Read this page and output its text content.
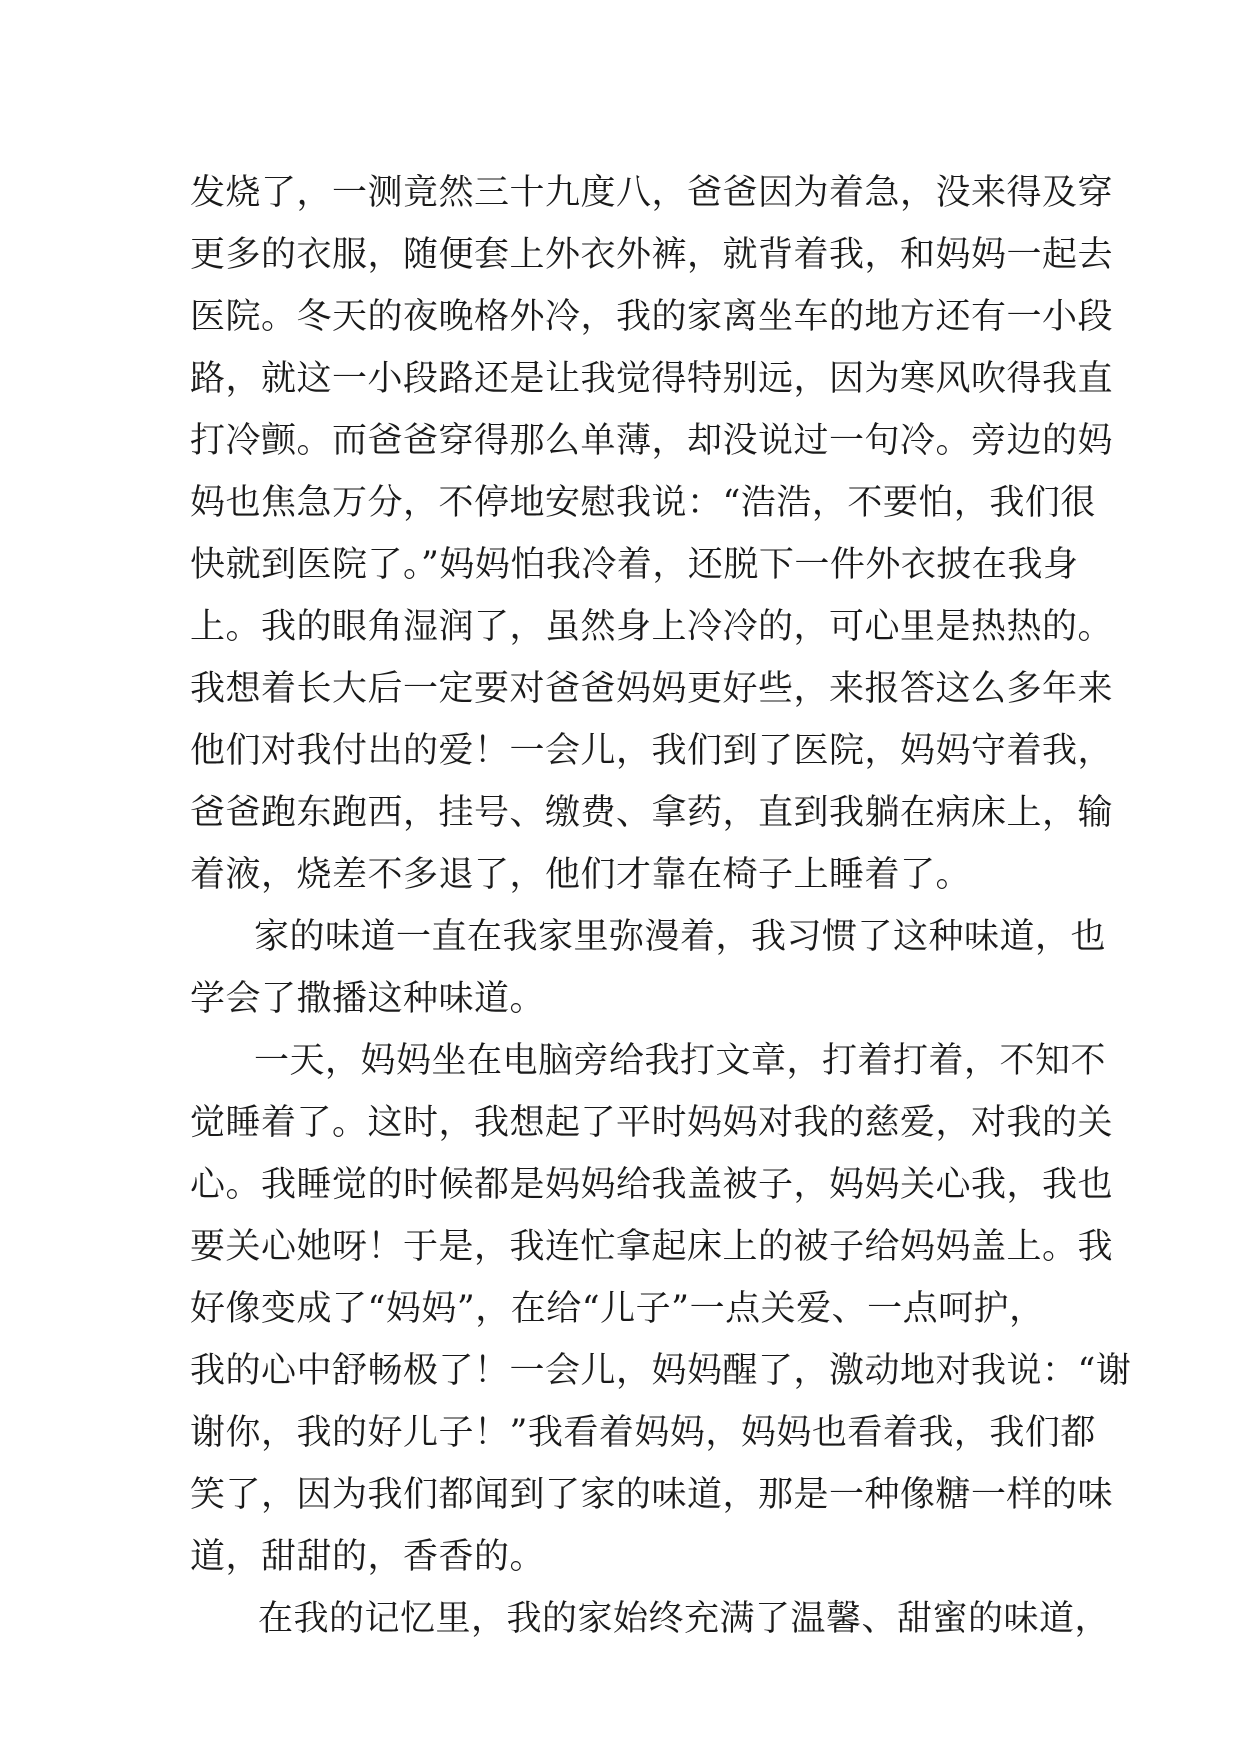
发烧了，一测竟然三十九度八，爸爸因为着急，没来得及穿
更多的衣服，随便套上外衣外裤，就背着我，和妈妈一起去
医院。冬天的夜晚格外冷，我的家离坐车的地方还有一小段
路，就这一小段路还是让我觉得特别远，因为寒风吹得我直
打冷颤。而爸爸穿得那么单薄，却没说过一句冷。旁边的妈
妈也焦急万分，不停地安慰我说：“浩浩，不要怕，我们很
快就到医院了。”妈妈怕我冷着，还脱下一件外衣披在我身
上。我的眼角湿润了，虽然身上冷冷的，可心里是热热的。
我想着长大后一定要对爸爸妈妈更好些，来报答这么多年来
他们对我付出的爱！一会儿，我们到了医院，妈妈守着我，
爸爸跑东跑西，挂号、缴费、拿药，直到我躺在病床上，输
着液，烧差不多退了，他们才靠在椅子上睡着了。
家的味道一直在我家里弥漫着，我习惯了这种味道，也
学会了撒播这种味道。
一天，妈妈坐在电脑旁给我打文章，打着打着，不知不
觉睡着了。这时，我想起了平时妈妈对我的慈爱，对我的关
心。我睡觉的时候都是妈妈给我盖被子，妈妈关心我，我也
要关心她呀！于是，我连忙拿起床上的被子给妈妈盖上。我
好像变成了“妈妈”，在给“儿子”一点关爱、一点呵护，
我的心中舒畅极了！一会儿，妈妈醒了，激动地对我说：“谢
谢你，我的好儿子！”我看着妈妈，妈妈也看着我，我们都
笑了，因为我们都闻到了家的味道，那是一种像糖一样的味
道，甜甜的，香香的。
在我的记忆里，我的家始终充满了温馨、甜蜜的味道，
